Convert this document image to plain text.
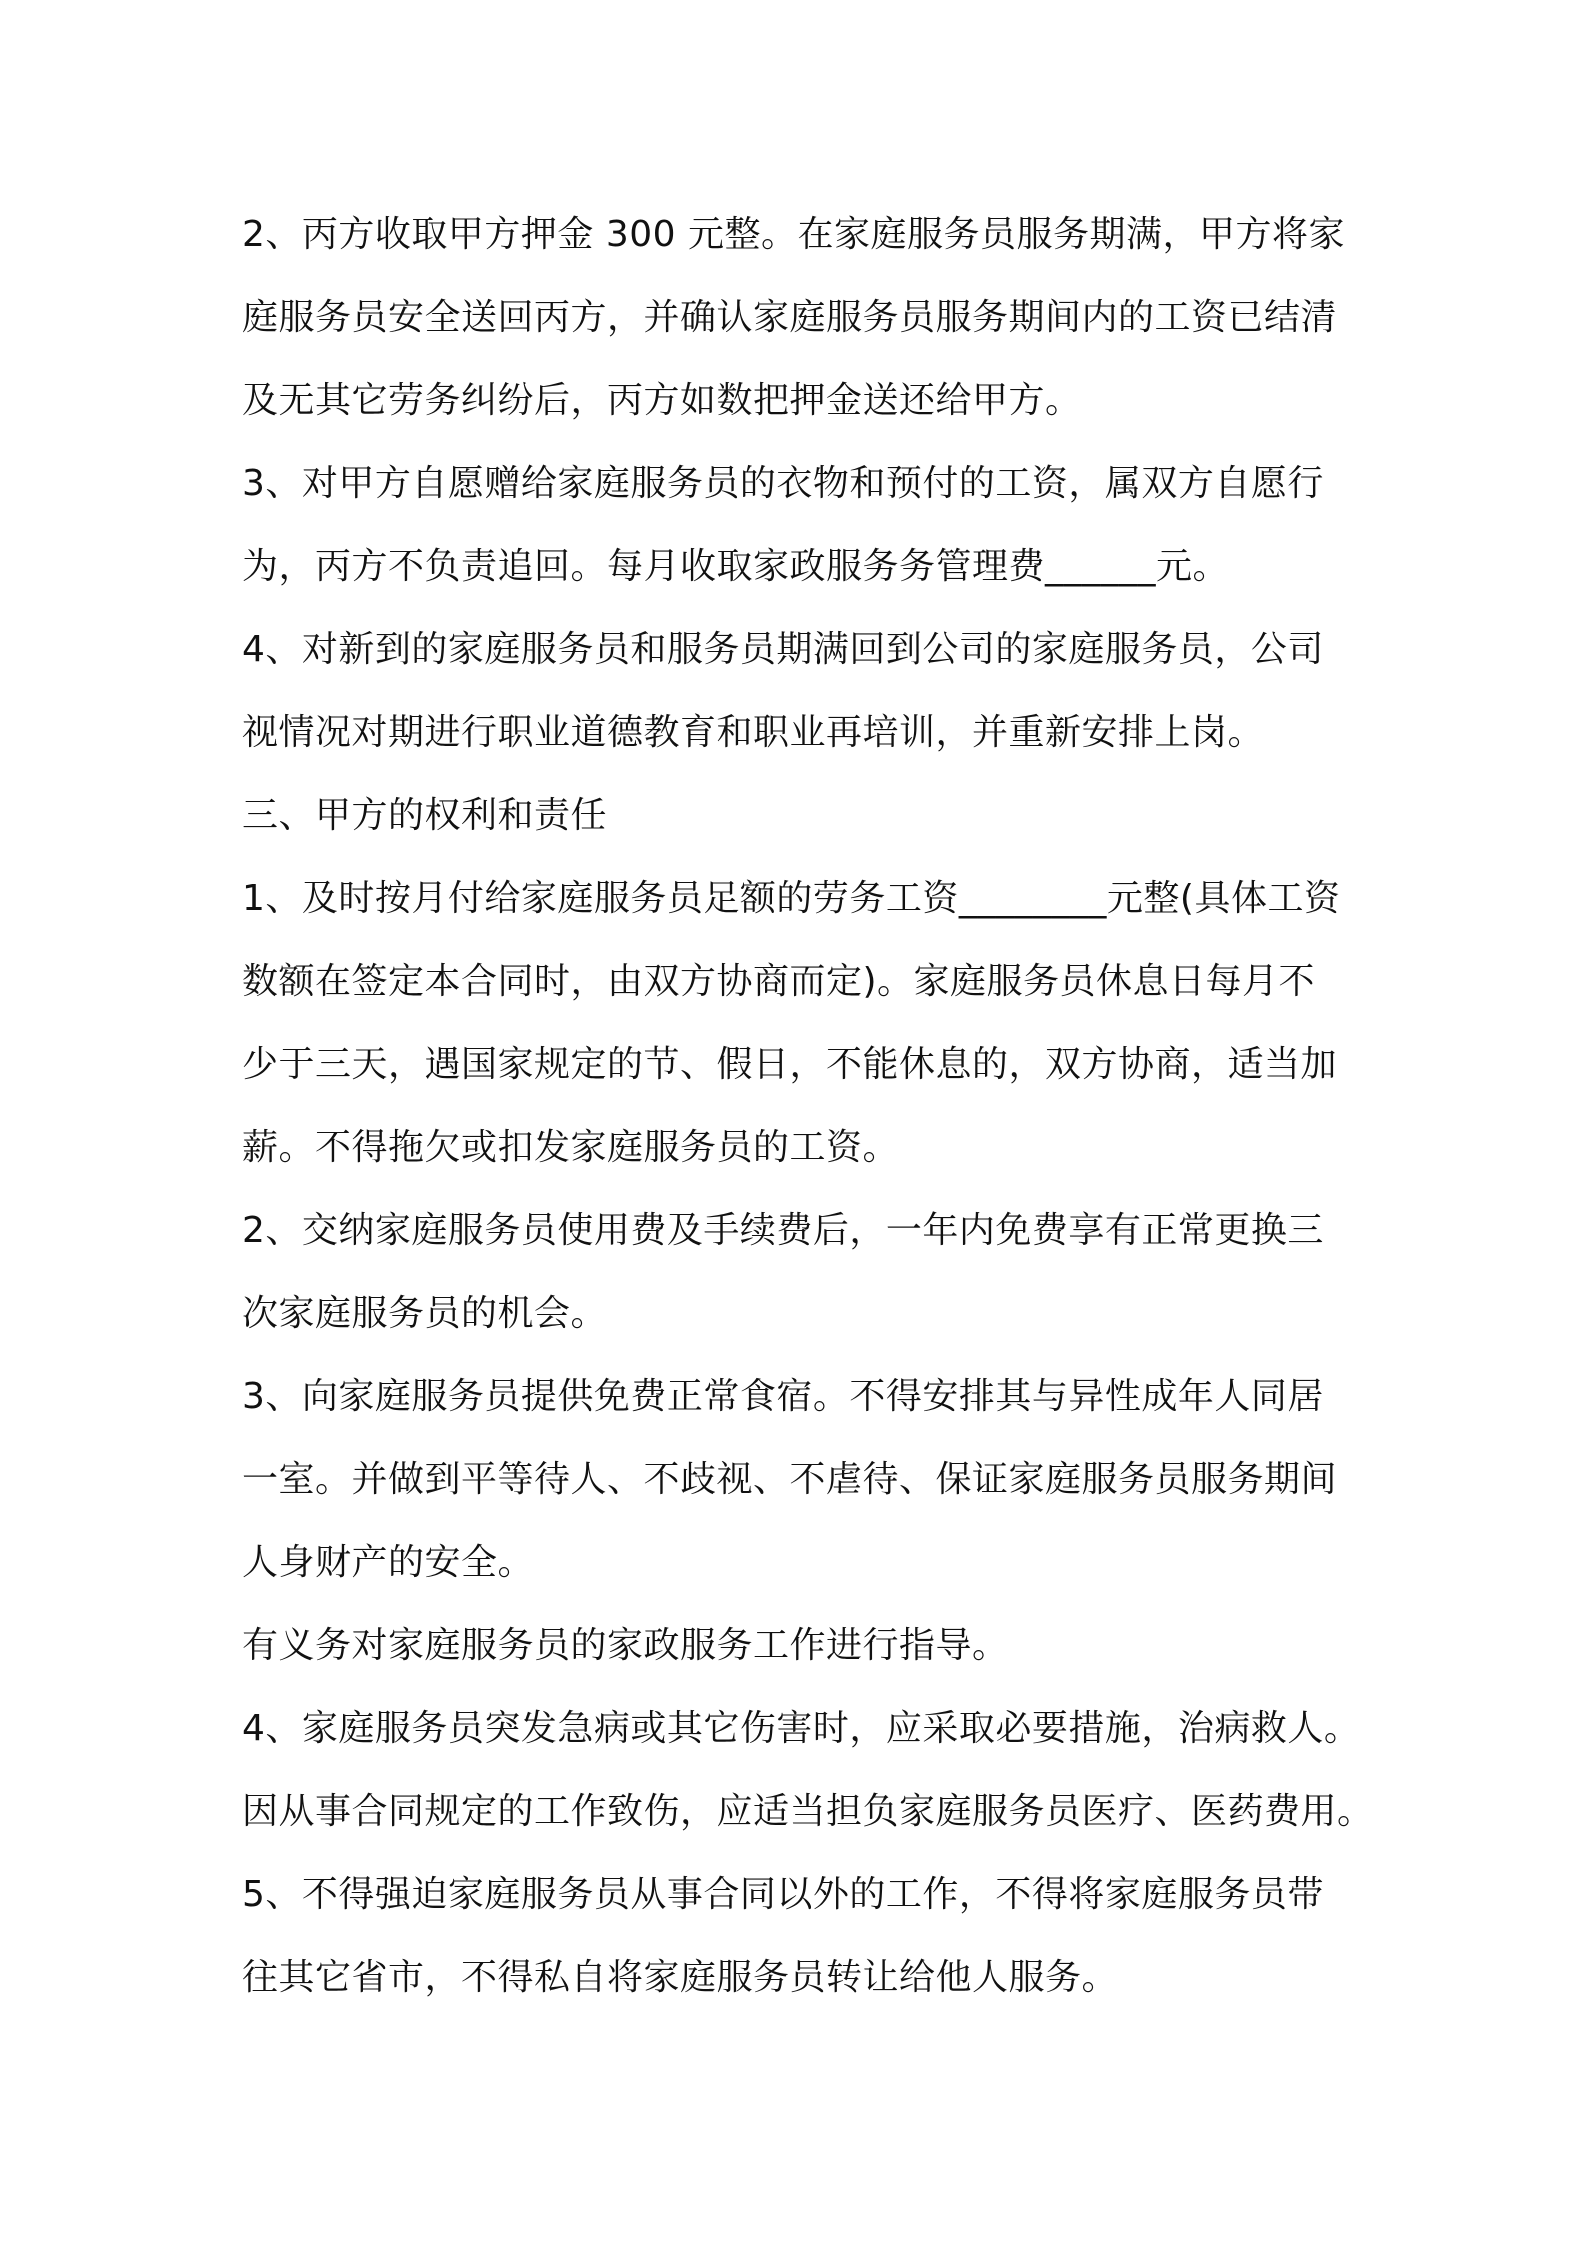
2、丙方收取甲方押金 300 元整。在家庭服务员服务期满，甲方将家
庭服务员安全送回丙方，并确认家庭服务员服务期间内的工资已结清
及无其它劳务纠纷后，丙方如数把押金送还给甲方。
3、对甲方自愿赠给家庭服务员的衣物和预付的工资，属双方自愿行
为，丙方不负责追回。每月收取家政服务务管理费______元。
4、对新到的家庭服务员和服务员期满回到公司的家庭服务员，公司
视情况对期进行职业道德教育和职业再培训，并重新安排上岗。
三、甲方的权利和责任
1、及时按月付给家庭服务员足额的劳务工资________元整(具体工资
数额在签定本合同时，由双方协商而定)。家庭服务员休息日每月不
少于三天，遇国家规定的节、假日，不能休息的，双方协商，适当加
薪。不得拖欠或扣发家庭服务员的工资。
2、交纳家庭服务员使用费及手续费后，一年内免费享有正常更换三
次家庭服务员的机会。
3、向家庭服务员提供免费正常食宿。不得安排其与异性成年人同居
一室。并做到平等待人、不歧视、不虐待、保证家庭服务员服务期间
人身财产的安全。
有义务对家庭服务员的家政服务工作进行指导。
4、家庭服务员突发急病或其它伤害时，应采取必要措施，治病救人。
因从事合同规定的工作致伤，应适当担负家庭服务员医疗、医药费用。
5、不得强迫家庭服务员从事合同以外的工作，不得将家庭服务员带
往其它省市，不得私自将家庭服务员转让给他人服务。
